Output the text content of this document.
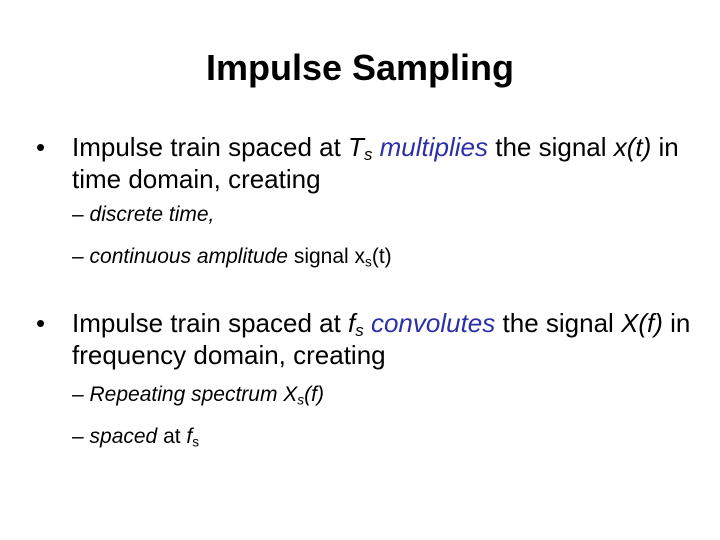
Impulse Sampling
• Impulse train spaced at $T_s$ multiplies the signal x(t) in time domain, creating
– discrete time,
– continuous amplitude signal $x_s(t)$
• Impulse train spaced at $f_s$ convolutes the signal X(f) in frequency domain, creating
– Repeating spectrum $X_s(f)$
– spaced at $f_s$
